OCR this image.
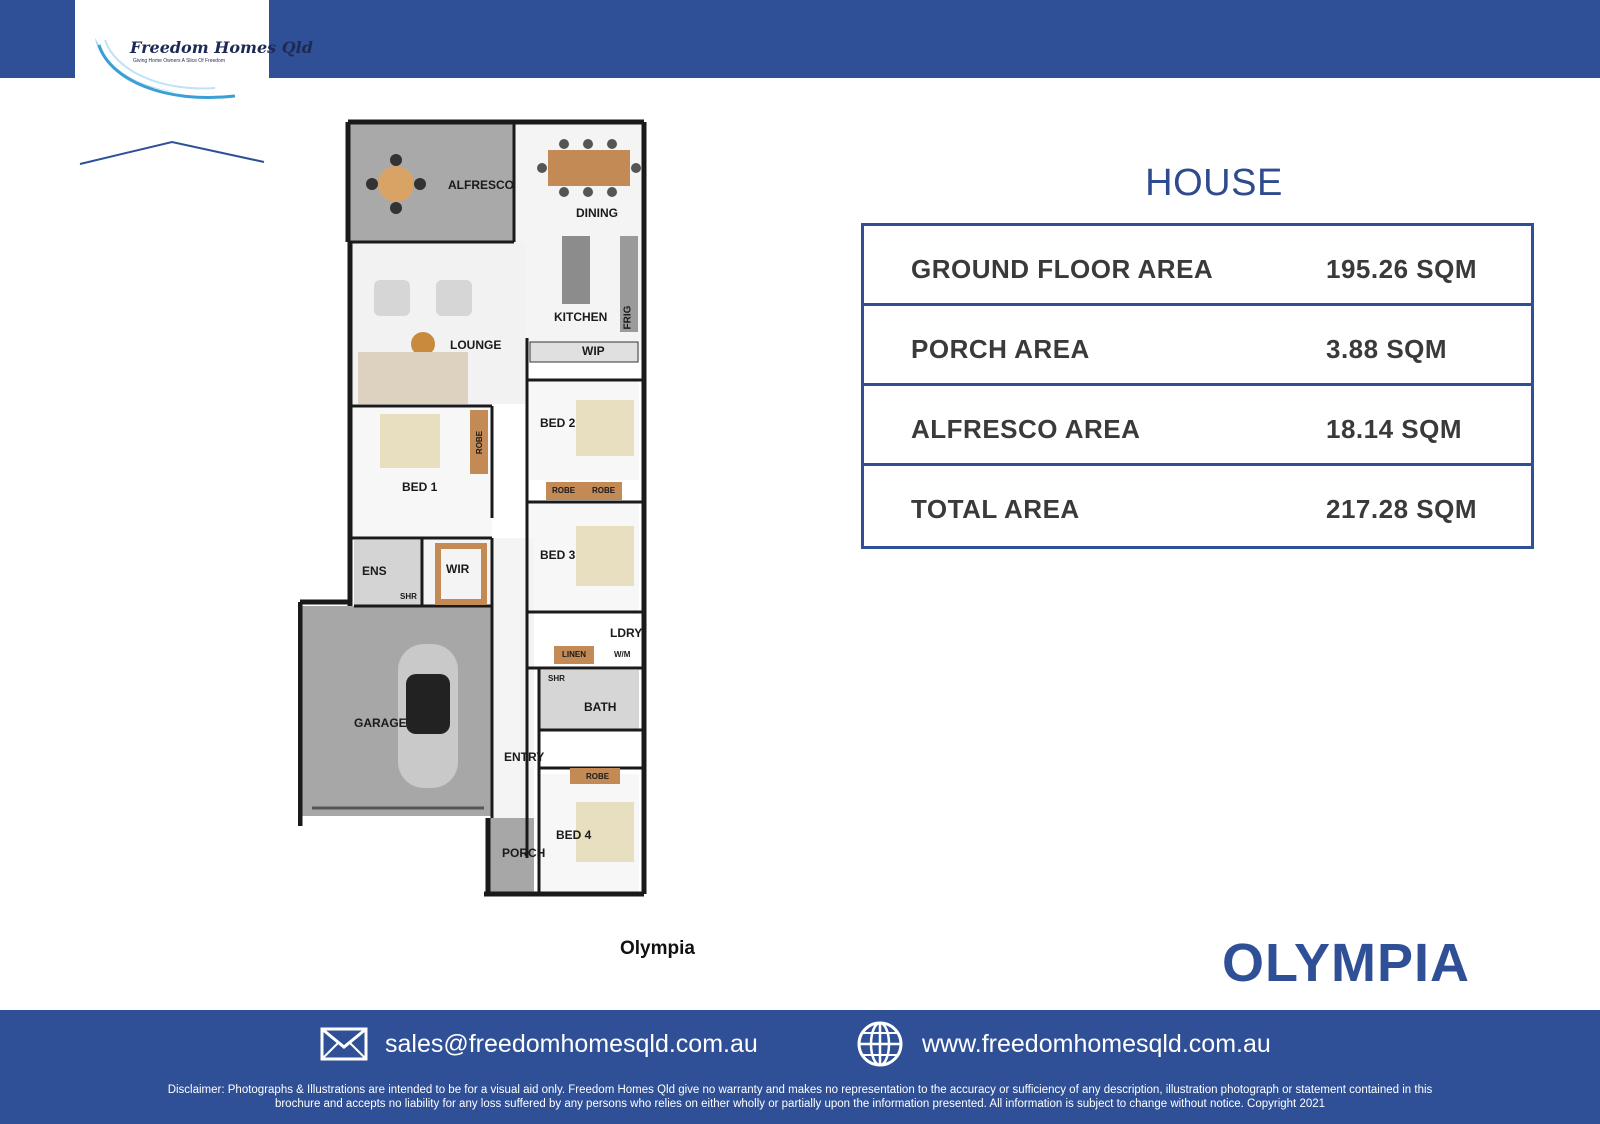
Freedom Homes Qld
Giving Home Owners A Slice Of Freedom
ALFRESCO
DINING
KITCHEN FRIG
WIP
LOUNGE
BED 1
ROBE
BED 2
ROBE ROBE
BED 3
ENS
SHR
WIR
LDRY
LINEN	W/M
SHR
BATH
GARAGE
ENTRY
ROBE
BED 4
PORCH
Olympia
HOUSE
GROUND FLOOR AREA	195.26 SQM
PORCH AREA	3.88 SQM
ALFRESCO AREA	18.14 SQM
TOTAL AREA	217.28 SQM
OLYMPIA
sales@freedomhomesqld.com.au	www.freedomhomesqld.com.au
Disclaimer: Photographs & Illustrations are intended to be for a visual aid only. Freedom Homes Qld give no warranty and makes no representation to the accuracy or sufficiency of any description, illustration photograph or statement contained in this
brochure and accepts no liability for any loss suffered by any persons who relies on either wholly or partially upon the information presented. All information is subject to change without notice. Copyright 2021
